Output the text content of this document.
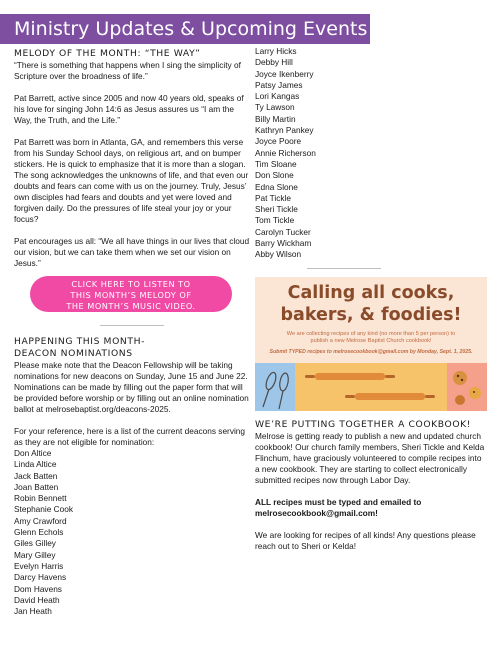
Ministry Updates & Upcoming Events
MELODY OF THE MONTH: “THE WAY”

“There is something that happens when I sing the simplicity of Scripture over the broadness of life.”

Pat Barrett, active since 2005 and now 40 years old, speaks of his love for singing John 14:6 as Jesus assures us “I am the Way, the Truth, and the Life.”

Pat Barrett was born in Atlanta, GA, and remembers this verse from his Sunday School days, on religious art, and on bumper stickers. He is quick to emphasize that it is more than a slogan. The song acknowledges the unknowns of life, and that even our doubts and fears can come with us on the journey. Truly, Jesus’ own disciples had fears and doubts and yet were loved and forgiven daily. Do the pressures of life steal your joy or your focus?

Pat encourages us all: “We all have things in our lives that cloud our vision, but we can take them when we set our vision on Jesus.”

CLICK HERE TO LISTEN TO
THIS MONTH’S MELODY OF
THE MONTH’S MUSIC VIDEO.
HAPPENING THIS MONTH-
DEACON NOMINATIONS

Please make note that the Deacon Fellowship will be taking nominations for new deacons on Sunday, June 15 and June 22. Nominations can be made by filling out the paper form that will be provided before worship or by filling out an online nomination ballot at melrosebaptist.org/deacons-2025.

For your reference, here is a list of the current deacons serving as they are not eligible for nomination:

Don Altice
Linda Altice
Jack Batten
Joan Batten
Robin Bennett
Stephanie Cook
Amy Crawford
Glenn Echols
Giles Gilley
Mary Gilley
Evelyn Harris
Darcy Havens
Dom Havens
David Heath
Jan Heath
Larry Hicks
Debby Hill
Joyce Ikenberry
Patsy James
Lori Kangas
Ty Lawson
Billy Martin
Kathryn Pankey
Joyce Poore
Annie Richerson
Tim Sloane
Don Slone
Edna Slone
Pat Tickle
Sheri Tickle
Tom Tickle
Carolyn Tucker
Barry Wickham
Abby Wilson
Calling all cooks,
bakers, & foodies!
We are collecting recipes of any kind (no more than 5 per person) to
publish a new Melrose Baptist Church cookbook!
Submit TYPED recipes to melrosecookbook@gmail.com by Monday, Sept. 1, 2025.
WE’RE PUTTING TOGETHER A COOKBOOK!

Melrose is getting ready to publish a new and updated church cookbook! Our church family members, Sheri Tickle and Kelda Flinchum, have graciously volunteered to compile recipes into a new cookbook. They are starting to collect electronically submitted recipes now through Labor Day.

ALL recipes must be typed and emailed to melrosecookbook@gmail.com!

We are looking for recipes of all kinds! Any questions please reach out to Sheri or Kelda!
